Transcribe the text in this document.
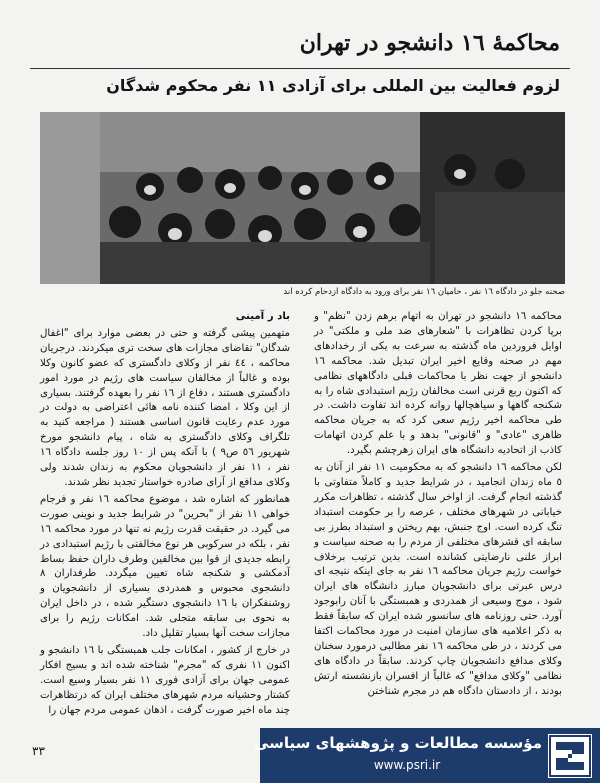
محاکمهٔ ١٦ دانشجو در تهران
لزوم فعالیت بین المللی برای آزادی ١١ نفر محکوم شدگان
صحنه جلو در دادگاه ١٦ نفر ، حامیان ١٦ نفر برای ورود به دادگاه ازدحام کرده اند

محاکمه ١٦ دانشجو در تهران به اتهام برهم زدن "نظم" و برپا کردن تظاهرات با "شعارهای ضد ملی و ملکتی" در اوایل فروردین ماه گذشته به سرعت به یکی از رخدادهای مهم در صحنه وقایع اخیر ایران تبدیل شد. محاکمه ١٦ دانشجو از جهت نظر با محاکمات قبلی دادگاههای نظامی که اکنون ربع قرنی است مخالفان رژیم استبدادی شاه را به شکنجه گاهها و سیاهچالها روانه کرده اند تفاوت داشت. در طی محاکمه اخیر رژیم سعی کرد که به جریان محاکمه ظاهری "عادی" و "قانونی" بدهد و با علم کردن اتهامات کاذب از اتحادیه دانشگاه های ایران زهرچشم بگیرد.

لکن محاکمه ١٦ دانشجو که به محکومیت ١١ نفر از آنان به ٥ ماه زندان انجامید ، در شرایط جدید و کاملاً متفاوتی با گذشته انجام گرفت. از اواخر سال گذشته ، تظاهرات مکرر خیابانی در شهرهای مختلف ، عرصه را بر حکومت استبداد تنگ کرده است. اوج جنبش، بهم ریختن و استبداد بطرز بی سابقه ای قشرهای مختلفی از مردم را به صحنه سیاست و ابراز علنی نارضایتی کشانده است. بدین ترتیب برخلاف خواست رژیم جریان محاکمه ١٦ نفر به جای اینکه نتیجه ای درس عبرتی برای دانشجویان مبارز دانشگاه های ایران شود ، موج وسیعی از همدردی و همبستگی با آنان رابوجود آورد. حتی روزنامه های سانسور شده ایران که سابقاً فقط به ذکر اعلامیه های سازمان امنیت در مورد محاکمات اکتفا می کردند ، در طی محاکمه ١٦ نفر مطالبی درمورد سخنان وکلای مدافع دانشجویان چاپ کردند. سابقاً در دادگاه های نظامی "وکلای مدافع" که غالباً از افسران بازنشسته ارتش بودند ، از دادستان دادگاه هم در مجرم شناختن

باد ر آمینی

متهمین پیشی گرفته و حتی در بعضی موارد برای "اغفال شدگان" تقاضای مجازات های سخت تری میکردند. درجریان محاکمه ، ٤٤ نفر از وکلای دادگستری که عضو کانون وکلا بوده و غالباً از مخالفان سیاست های رژیم در مورد امور دادگستری هستند ، دفاع از ١٦ نفر را بعهده گرفتند. بسیاری از این وکلا ، امضا کننده نامه هائی اعتراضی به دولت در مورد عدم رعایت قانون اساسی هستند ( مراجعه کنید به تلگراف وکلای دادگستری به شاه ، پیام دانشجو مورخ شهریور ٥٦ ص٩ ) با آنکه پس از ١٠ روز جلسه دادگاه ١٦ نفر ، ١١ نفر از دانشجویان محکوم به زندان شدند ولی وکلای مدافع از آرای صادره خواستار تجدید نظر شدند.

همانطور که اشاره شد ، موضوع محاکمه ١٦ نفر و فرجام خواهی ١١ نفر از "بحرین" در شرایط جدید و نوینی صورت می گیرد. در حقیقت قدرت رژیم نه تنها در مورد محاکمه ١٦ نفر ، بلکه در سرکوبی هر نوع مخالفتی با رژیم استبدادی در رابطه جدیدی از قوا بین مخالفین وطرف داران حفظ بساط آدمکشی و شکنجه شاه تعیین میگردد. طرفداران ٨ دانشجوی محبوس و همدردی بسیاری از دانشجویان و روشنفکران با ١٦ دانشجوی دستگیر شده ، در داخل ایران به نحوی بی سابقه متجلی شد. امکانات رژیم را برای مجازات سخت آنها بسیار تقلیل داد.

در خارج از کشور ، امکانات جلب همبستگی با ١٦ دانشجو و اکنون ١١ نفری که "مجرم" شناخته شده اند و بسیج افکار عمومی جهان برای آزادی فوری ١١ نفر بسیار وسیع است. کشتار وحشیانه مردم شهرهای مختلف ایران که درتظاهرات چند ماه اخیر صورت گرفت ، اذهان عمومی مردم جهان را

٣٣	مؤسسه مطالعات و پژوهشهای سیاسی
www.psri.ir
